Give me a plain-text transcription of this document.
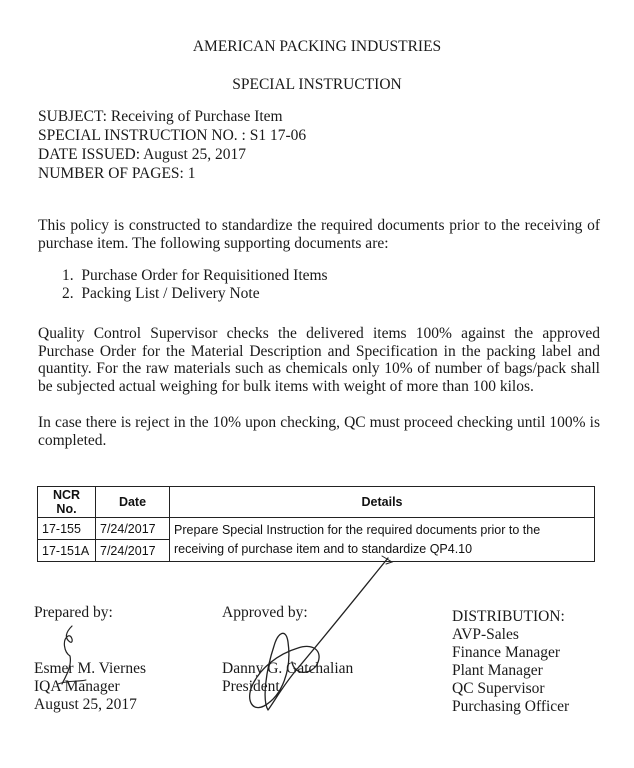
AMERICAN PACKING INDUSTRIES
SPECIAL INSTRUCTION
SUBJECT: Receiving of Purchase Item
SPECIAL INSTRUCTION NO. : S1 17-06
DATE ISSUED: August 25, 2017
NUMBER OF PAGES: 1
This policy is constructed to standardize the required documents prior to the receiving of purchase item. The following supporting documents are:
1. Purchase Order for Requisitioned Items
2. Packing List / Delivery Note
Quality Control Supervisor checks the delivered items 100% against the approved Purchase Order for the Material Description and Specification in the packing label and quantity. For the raw materials such as chemicals only 10% of number of bags/pack shall be subjected actual weighing for bulk items with weight of more than 100 kilos.
In case there is reject in the 10% upon checking, QC must proceed checking until 100% is completed.
NCR No.	Date	Details
17-155	7/24/2017	Prepare Special Instruction for the required documents prior to the
receiving of purchase item and to standardize QP4.10

17-151A	7/24/2017	
Prepared by:
Esmer M. Viernes
IQA Manager
August 25, 2017
Approved by:
Danny G. Gatchalian
President
DISTRIBUTION:
AVP-Sales
Finance Manager
Plant Manager
QC Supervisor
Purchasing Officer
